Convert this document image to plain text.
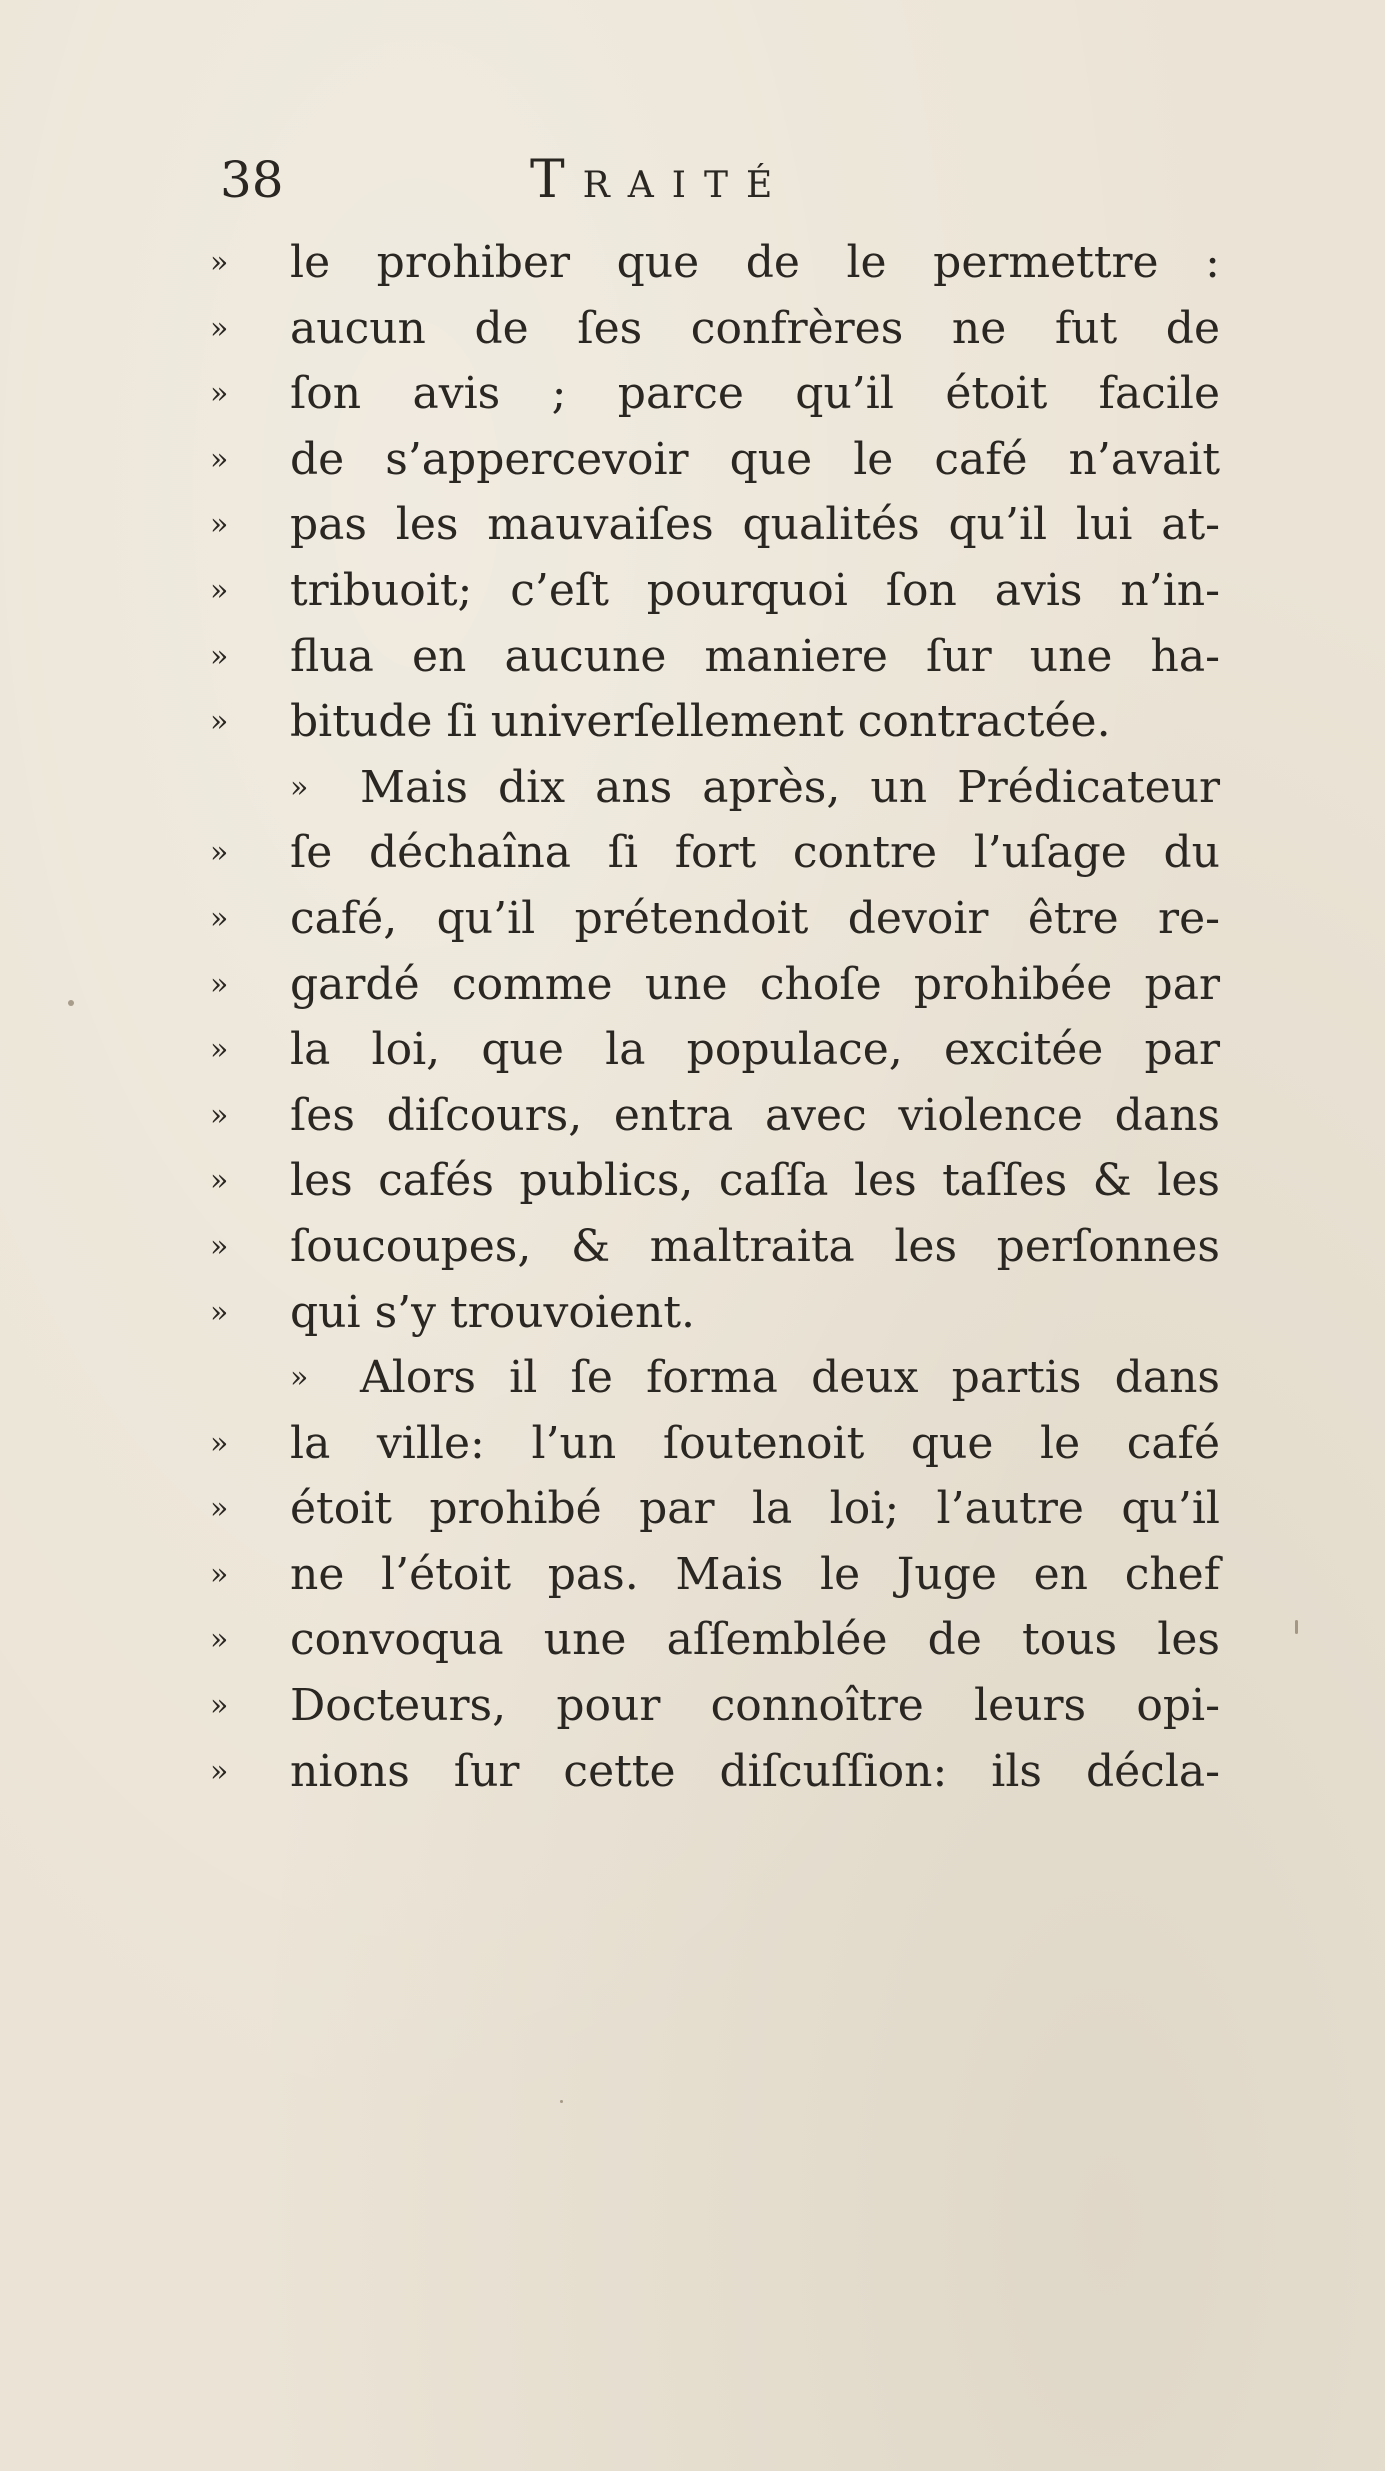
38	Traité
»	le prohiber que de le permettre :
»	aucun de ſes confrères ne fut de
»	ſon avis ; parce qu’il étoit facile
»	de s’appercevoir que le café n’avait
»	pas les mauvaiſes qualités qu’il lui at-
»	tribuoit; c’eſt pourquoi ſon avis n’in-
»	flua en aucune maniere ſur une ha-
»	bitude ſi univerſellement contractée.
»	Mais dix ans après, un Prédicateur
»	ſe déchaîna ſi fort contre l’uſage du
»	café, qu’il prétendoit devoir être re-
»	gardé comme une choſe prohibée par
»	la loi, que la populace, excitée par
»	ſes diſcours, entra avec violence dans
»	les cafés publics, caſſa les taſſes & les
»	ſoucoupes, & maltraita les perſonnes
»	qui s’y trouvoient.
»	Alors il ſe forma deux partis dans
»	la ville: l’un ſoutenoit que le café
»	étoit prohibé par la loi; l’autre qu’il
»	ne l’étoit pas. Mais le Juge en chef
»	convoqua une aſſemblée de tous les
»	Docteurs, pour connoître leurs opi-
»	nions ſur cette diſcuſſion: ils décla-
